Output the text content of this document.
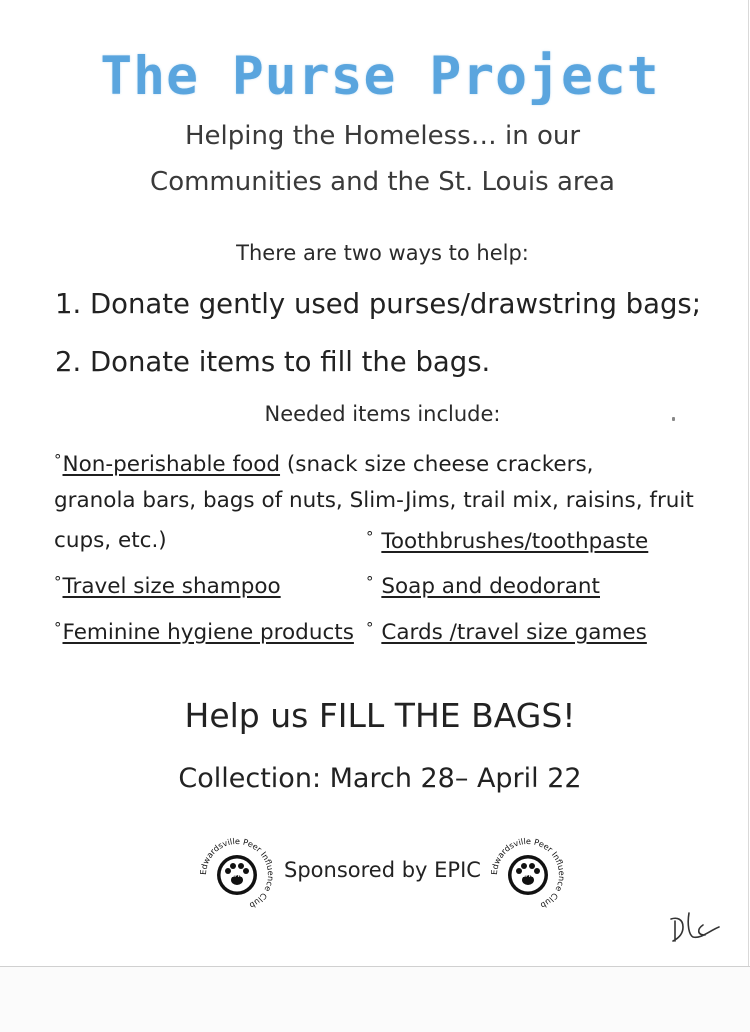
The Purse Project
Helping the Homeless… in our
Communities and the St. Louis area
There are two ways to help:
1. Donate gently used purses/drawstring bags;
2. Donate items to fill the bags.
Needed items include:
°Non-perishable food (snack size cheese crackers,
granola bars, bags of nuts, Slim-Jims, trail mix, raisins, fruit
cups, etc.)	° Toothbrushes/toothpaste
°Travel size shampoo	° Soap and deodorant
°Feminine hygiene products ° Cards /travel size games
Help us FILL THE BAGS!
Collection: March 28– April 22
Edwardsville Peer Influence Club
EPIC Sponsored by EPIC Edwardsville Peer Influence Club
EPIC
